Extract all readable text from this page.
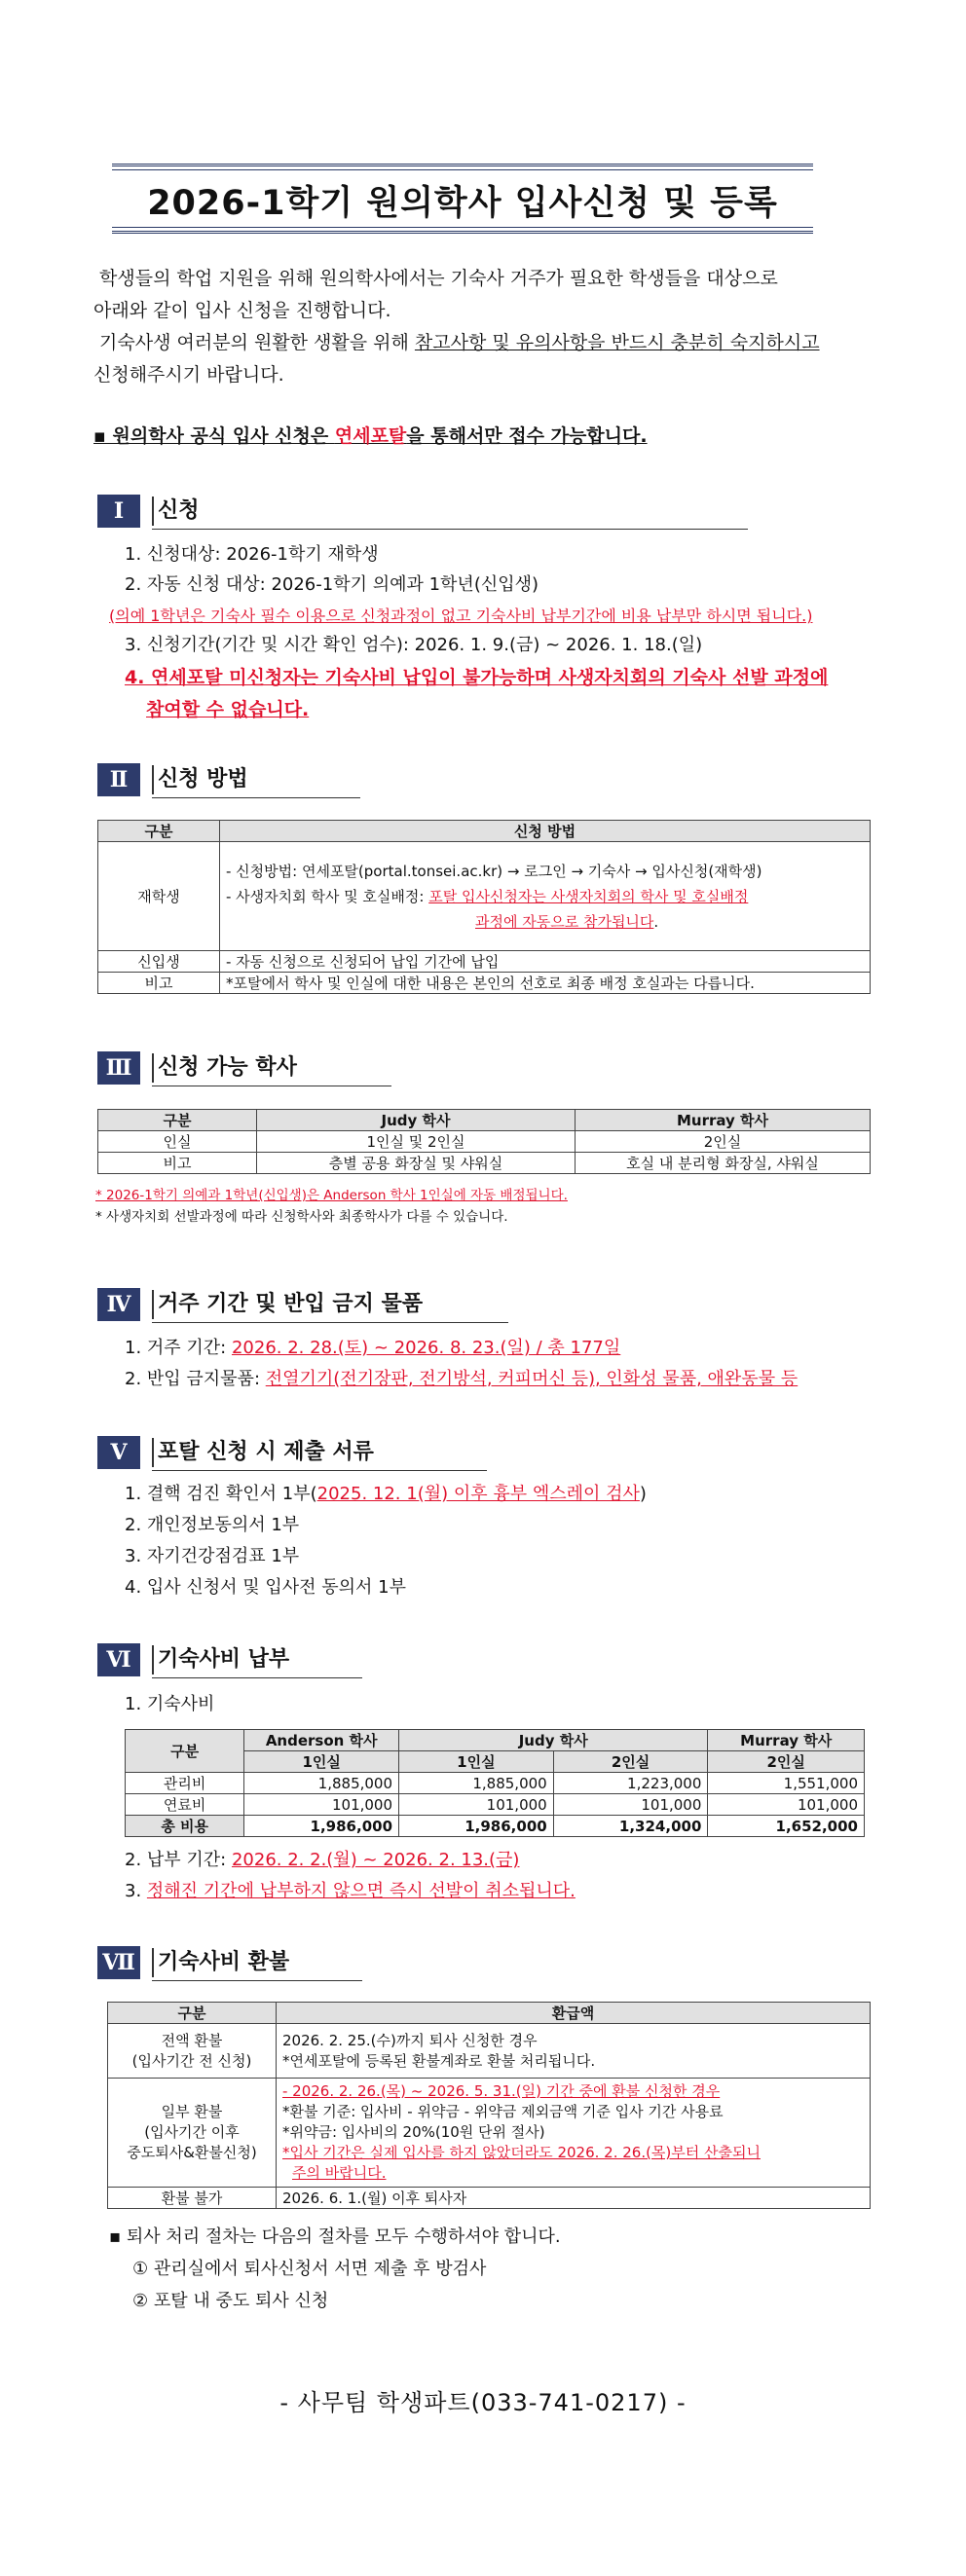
2026-1학기 원의학사 입사신청 및 등록
학생들의 학업 지원을 위해 원의학사에서는 기숙사 거주가 필요한 학생들을 대상으로
아래와 같이 입사 신청을 진행합니다.
기숙사생 여러분의 원활한 생활을 위해 참고사항 및 유의사항을 반드시 충분히 숙지하시고
신청해주시기 바랍니다.
▪ 원의학사 공식 입사 신청은 연세포탈을 통해서만 접수 가능합니다.
Ⅰ	신청
1. 신청대상: 2026-1학기 재학생
2. 자동 신청 대상: 2026-1학기 의예과 1학년(신입생)
(의예 1학년은 기숙사 필수 이용으로 신청과정이 없고 기숙사비 납부기간에 비용 납부만 하시면 됩니다.)
3. 신청기간(기간 및 시간 확인 엄수): 2026. 1. 9.(금) ~ 2026. 1. 18.(일)
4. 연세포탈 미신청자는 기숙사비 납입이 불가능하며 사생자치회의 기숙사 선발 과정에
참여할 수 없습니다.
Ⅱ	신청 방법
구분	신청 방법
재학생	- 신청방법: 연세포탈(portal.tonsei.ac.kr) → 로그인 → 기숙사 → 입사신청(재학생)
- 사생자치회 학사 및 호실배정: 포탈 입사신청자는 사생자치회의 학사 및 호실배정
과정에 자동으로 참가됩니다.
신입생	- 자동 신청으로 신청되어 납입 기간에 납입
비고	*포탈에서 학사 및 인실에 대한 내용은 본인의 선호로 최종 배정 호실과는 다릅니다.
Ⅲ	신청 가능 학사
구분	Judy 학사	Murray 학사
인실	1인실 및 2인실	2인실
비고	층별 공용 화장실 및 샤워실	호실 내 분리형 화장실, 샤워실
* 2026-1학기 의예과 1학년(신입생)은 Anderson 학사 1인실에 자동 배정됩니다.
* 사생자치회 선발과정에 따라 신청학사와 최종학사가 다를 수 있습니다.
Ⅳ	거주 기간 및 반입 금지 물품
1. 거주 기간: 2026. 2. 28.(토) ~ 2026. 8. 23.(일) / 총 177일
2. 반입 금지물품: 전열기기(전기장판, 전기방석, 커피머신 등), 인화성 물품, 애완동물 등
Ⅴ	포탈 신청 시 제출 서류
1. 결핵 검진 확인서 1부(2025. 12. 1(월) 이후 흉부 엑스레이 검사)
2. 개인정보동의서 1부
3. 자기건강점검표 1부
4. 입사 신청서 및 입사전 동의서 1부
Ⅵ	기숙사비 납부
1. 기숙사비
구분	Anderson 학사	Judy 학사		Murray 학사
	1인실	1인실	2인실	2인실
관리비	1,885,000	1,885,000	1,223,000	1,551,000
연료비	101,000	101,000	101,000	101,000
총 비용	1,986,000	1,986,000	1,324,000	1,652,000
2. 납부 기간: 2026. 2. 2.(월) ~ 2026. 2. 13.(금)
3. 정해진 기간에 납부하지 않으면 즉시 선발이 취소됩니다.
Ⅶ 기숙사비 환불
구분	환급액
전액 환불
(입사기간 전 신청)	2026. 2. 25.(수)까지 퇴사 신청한 경우
*연세포탈에 등록된 환불계좌로 환불 처리됩니다.
일부 환불
(입사기간 이후
중도퇴사&환불신청)	- 2026. 2. 26.(목) ~ 2026. 5. 31.(일) 기간 중에 환불 신청한 경우
*환불 기준: 입사비 - 위약금 - 위약금 제외금액 기준 입사 기간 사용료
*위약금: 입사비의 20%(10원 단위 절사)
*입사 기간은 실제 입사를 하지 않았더라도 2026. 2. 26.(목)부터 산출되니
주의 바랍니다.
환불 불가	2026. 6. 1.(월) 이후 퇴사자
▪ 퇴사 처리 절차는 다음의 절차를 모두 수행하셔야 합니다.
① 관리실에서 퇴사신청서 서면 제출 후 방검사
② 포탈 내 중도 퇴사 신청
- 사무팀 학생파트(033-741-0217) -
